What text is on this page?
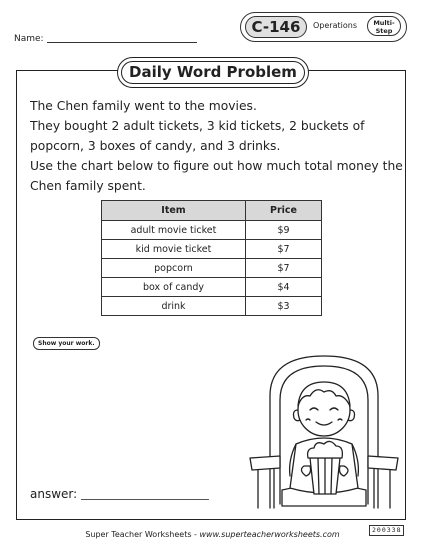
Name:
C-146	Operations	Multi-
Step
Daily Word Problem

The Chen family went to the movies.

They bought 2 adult tickets, 3 kid tickets, 2 buckets of

popcorn, 3 boxes of candy, and 3 drinks.

Use the chart below to figure out how much total money the

Chen family spent.

Item	Price
adult movie ticket	$9
kid movie ticket	$7
popcorn	$7
box of candy	$4
drink	$3
Show your work.
answer:
Super Teacher Worksheets - www.superteacherworksheets.com	200338
